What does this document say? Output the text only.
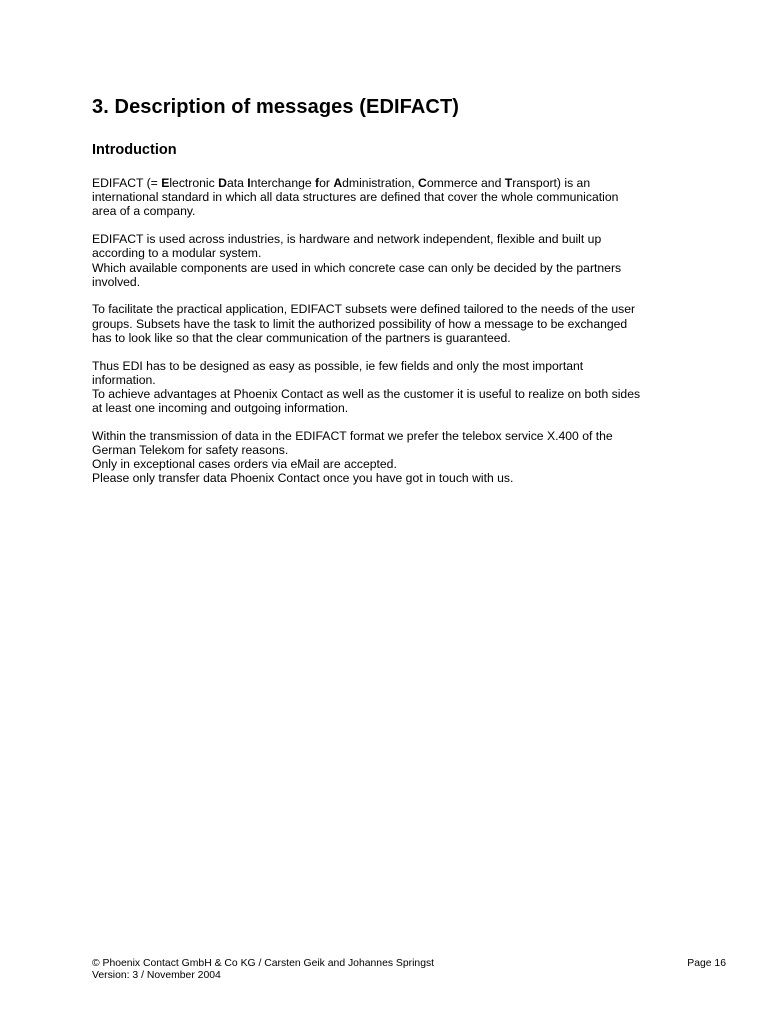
3. Description of messages (EDIFACT)
Introduction

EDIFACT (= Electronic Data Interchange for Administration, Commerce and Transport) is an
international standard in which all data structures are defined that cover the whole communication
area of a company.

EDIFACT is used across industries, is hardware and network independent, flexible and built up
according to a modular system.
Which available components are used in which concrete case can only be decided by the partners
involved.

To facilitate the practical application, EDIFACT subsets were defined tailored to the needs of the user
groups. Subsets have the task to limit the authorized possibility of how a message to be exchanged
has to look like so that the clear communication of the partners is guaranteed.

Thus EDI has to be designed as easy as possible, ie few fields and only the most important
information.
To achieve advantages at Phoenix Contact as well as the customer it is useful to realize on both sides
at least one incoming and outgoing information.

Within the transmission of data in the EDIFACT format we prefer the telebox service X.400 of the
German Telekom for safety reasons.
Only in exceptional cases orders via eMail are accepted.
Please only transfer data Phoenix Contact once you have got in touch with us.

© Phoenix Contact GmbH & Co KG / Carsten Geik and Johannes Springst
Version: 3 / November 2004
Page 16
